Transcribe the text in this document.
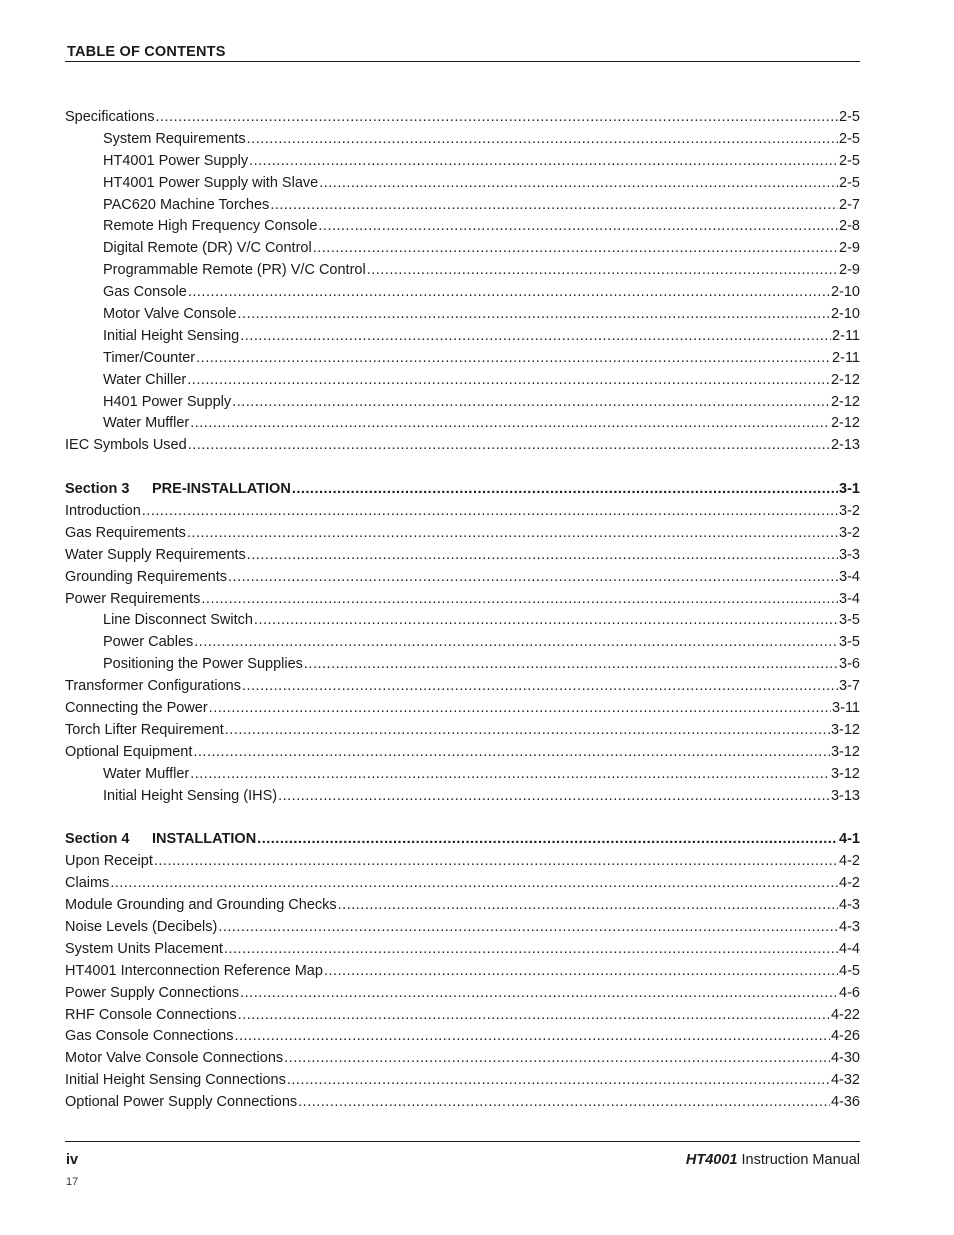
TABLE OF CONTENTS
Specifications .....	2-5
System Requirements .....	2-5
HT4001 Power Supply .....	2-5
HT4001 Power Supply with Slave .....	2-5
PAC620 Machine Torches .....	2-7
Remote High Frequency Console .....	2-8
Digital Remote (DR) V/C Control .....	2-9
Programmable Remote (PR) V/C Control .....	2-9
Gas Console .....	2-10
Motor Valve Console .....	2-10
Initial Height Sensing .....	2-11
Timer/Counter .....	2-11
Water Chiller .....	2-12
H401 Power Supply .....	2-12
Water Muffler .....	2-12
IEC Symbols Used .....	2-13
Section 3 PRE-INSTALLATION .....	3-1
Introduction .....	3-2
Gas Requirements .....	3-2
Water Supply Requirements .....	3-3
Grounding Requirements .....	3-4
Power Requirements .....	3-4
Line Disconnect Switch .....	3-5
Power Cables .....	3-5
Positioning the Power Supplies .....	3-6
Transformer Configurations .....	3-7
Connecting the Power .....	3-11
Torch Lifter Requirement .....	3-12
Optional Equipment .....	3-12
Water Muffler .....	3-12
Initial Height Sensing (IHS) .....	3-13
Section 4 INSTALLATION .....	4-1
Upon Receipt .....	4-2
Claims .....	4-2
Module Grounding and Grounding Checks .....	4-3
Noise Levels (Decibels) .....	4-3
System Units Placement .....	4-4
HT4001 Interconnection Reference Map .....	4-5
Power Supply Connections .....	4-6
RHF Console Connections .....	4-22
Gas Console Connections .....	4-26
Motor Valve Console Connections .....	4-30
Initial Height Sensing Connections .....	4-32
Optional Power Supply Connections .....	4-36
iv	HT4001 Instruction Manual
17
